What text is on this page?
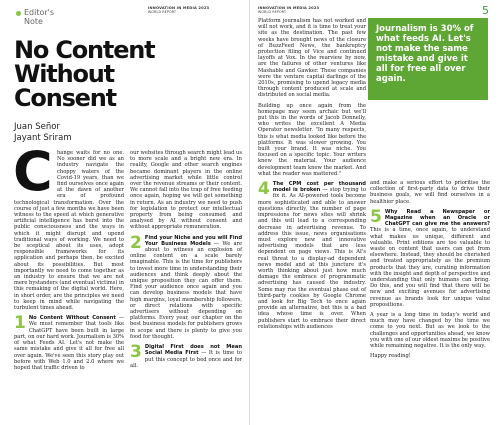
Editor's
Note
INNOVATION IN MEDIA 2023
WORLD REPORT
No Content
Without
Consent
Juan Señor
Jayant Sriram

C hange waits for no one. No sooner did we as an industry navigate the choppy waters of the Covid-19 years, than we find ourselves once again at the dawn of another era of profound technological transformation. Over the course of just a few months we have been witness to the speed at which generative artificial intelligence has burst into the public consciousness and the ways in which it might disrupt and upend traditional ways of working. We need to be sceptical about its uses, adopt responsible frameworks for its application and perhaps then, be excited about its possibilities. But most importantly we need to come together as an industry to ensure that we are not mere bystanders (and eventual victims) in this remaking of the digital world. Here, in short order, are the principles we need to keep in mind while navigating the turbulent times ahead.

1 No Content Without Consent — We must remember that tools like ChatGPT have been built in large part, on our hard work. Journalism is 30% of what Feeds AI. Let's not make the same mistake and give it all for free all over again. We've seen this story play out before with Web 1.0 and 2.0 where we hoped that traffic driven to

our websites through search might lead us to more scale and a bright new era. In reality, Google and other search engines became dominant players in the online advertising market while little control over the revenue streams or their content. We cannot fall into the trap of free feeding once again, hoping we will get something in return. As an industry we need to push for legislation to protect our intellectual property from being consumed and analysed by AI without consent and without appropriate remuneration.

2 Find your Niche and you will Find Your Business Models — We are about to witness an explosion of online content on a scale barely imaginable. This is the time for publishers to invest more time in understanding their audiences and think deeply about the unique proposition they can offer them. Find your audience once again and you can develop business models that have high margins, loyal membership followers, or direct relations with specific advertisers without depending on platforms. Every year, our chapter on the best business models for publishers grows in scope and there is plenty to give you food for thought.

3 Digital First does not Mean Social Media First — It is time to put this concept to bed once and for all.

INNOVATION IN MEDIA 2023
WORLD REPORT	5

Platform journalism has not worked and will not work, and it is time to treat your site as the destination. The past few weeks have brought news of the closure of BuzzFeed News, the bankruptcy protection filing of Vice and continued layoffs at Vox. In the rearview by now, are the failures of other ventures like Mashable and Gawker. These companies were the venture capital darlings of the 2010s, promising to upend legacy media through content produced at scale and distributed on social media.

Building up once again from the homepage may seem archaic but we'll put this in the words of Jacob Donnelly, who writes the excellent A Media Operator newsletter. "In many respects, this is what media looked like before the platforms. It was slower growing. You built your brand. It was niche. You focused on a specific topic. Your writers knew the material. Your audience development team knew the market. And what the reader was mattered."

4 The CPM cost per thousand model is broken — stop trying to fix it. As AI-powered tools become more sophisticated and able to answer questions directly, the number of page impressions for news sites will shrink and this will lead to a corresponding decrease in advertising revenue. To address this issue, news organisations must explore new and innovative advertising models that are less dependent on page views. This is AI's real threat to a display-ad dependent news model and at this juncture it's worth thinking about just how much damage the embrace of programmatic advertising has caused the industry. Some may rue the eventual phase out of third-party cookies by Google Chrome and look for Big Tech to once again provide an alternative, but this is a bad idea whose time is over. When publishers start to embrace their direct relationships with audiences

and make a serious effort to prioritise the collection of first-party data to drive their business goals, we will find ourselves in a healthier place.

5 Why Read a Newspaper or Magazine when an Oracle or ChatGPT can give me the answers? This is a time, once again, to understand what makes us unique, different and valuable. Print editions are too valuable to waste on content that users can get from elsewhere. Instead, they should be cherished and treated appropriately as the premium products that they are, curating information with the insight and depth of perspective and understanding that only humans can bring. Do this, and you will find that there will be new and exciting avenues for advertising revenue as brands look for unique value propositions.

A year is a long time in today's world and much may have changed by the time we come to you next. But as we look to the challenges and opportunities ahead, we know you with one of our oldest maxims be positive while remaining negative. It is the only way.

Happy reading!

Journalism is 30% of what feeds AI. Let's not make the same mistake and give it all for free all over again.
